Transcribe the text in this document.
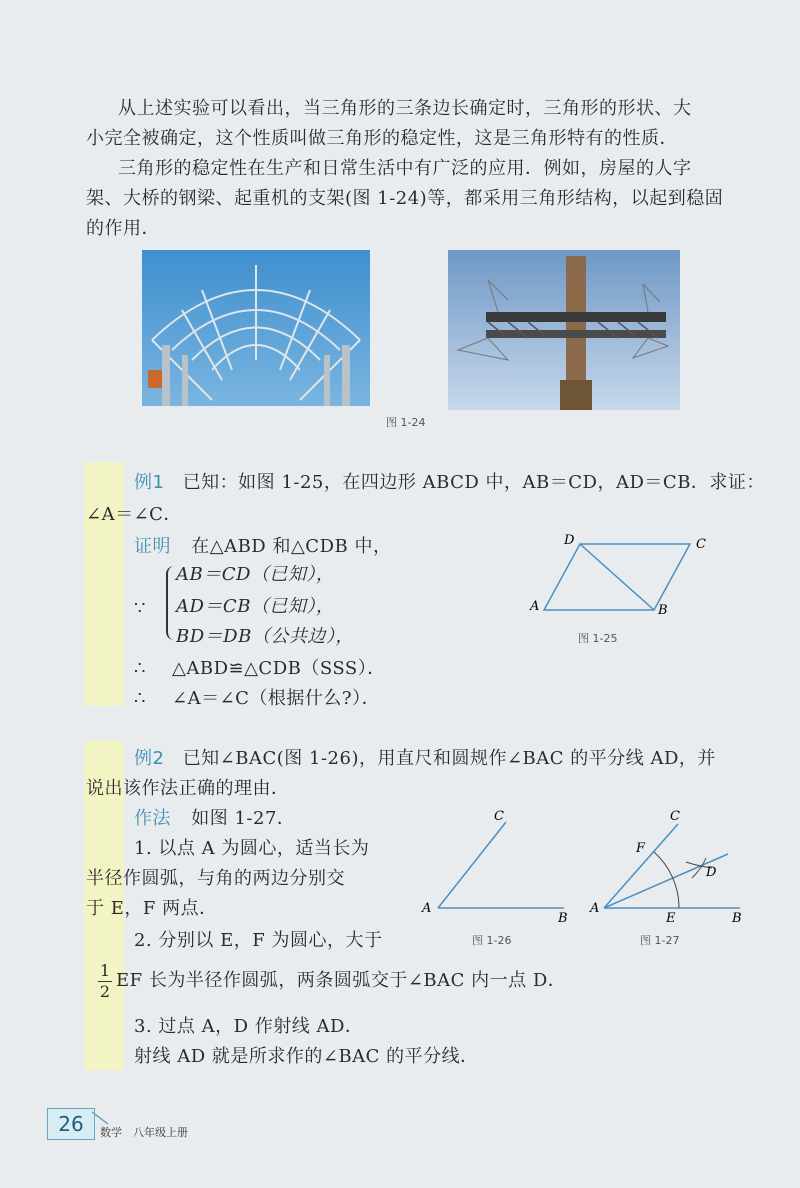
从上述实验可以看出，当三角形的三条边长确定时，三角形的形状、大
小完全被确定，这个性质叫做三角形的稳定性，这是三角形特有的性质．
三角形的稳定性在生产和日常生活中有广泛的应用．例如，房屋的人字
架、大桥的钢梁、起重机的支架(图 1-24)等，都采用三角形结构，以起到稳固
的作用．
图 1-24
例1 已知：如图 1-25，在四边形 ABCD 中，AB＝CD，AD＝CB．求证：
∠A＝∠C．
证明 在△ABD 和△CDB 中，
∵
AB＝CD（已知），
AD＝CB（已知），
BD＝DB（公共边），
∴ △ABD≌△CDB（SSS）．
∴ ∠A＝∠C（根据什么?）．
A	B
C
D
图 1-25
例2 已知∠BAC(图 1-26)，用直尺和圆规作∠BAC 的平分线 AD，并
说出该作法正确的理由．
作法 如图 1-27．
1. 以点 A 为圆心，适当长为
半径作圆弧，与角的两边分别交
于 E，F 两点．
2. 分别以 E，F 为圆心，大于
1
2
EF 长为半径作圆弧，两条圆弧交于∠BAC 内一点 D．
3. 过点 A，D 作射线 AD．
射线 AD 就是所求作的∠BAC 的平分线．
A
B
C
图 1-26
A
B
C
D
E
F
图 1-27
26	数学　八年级上册
